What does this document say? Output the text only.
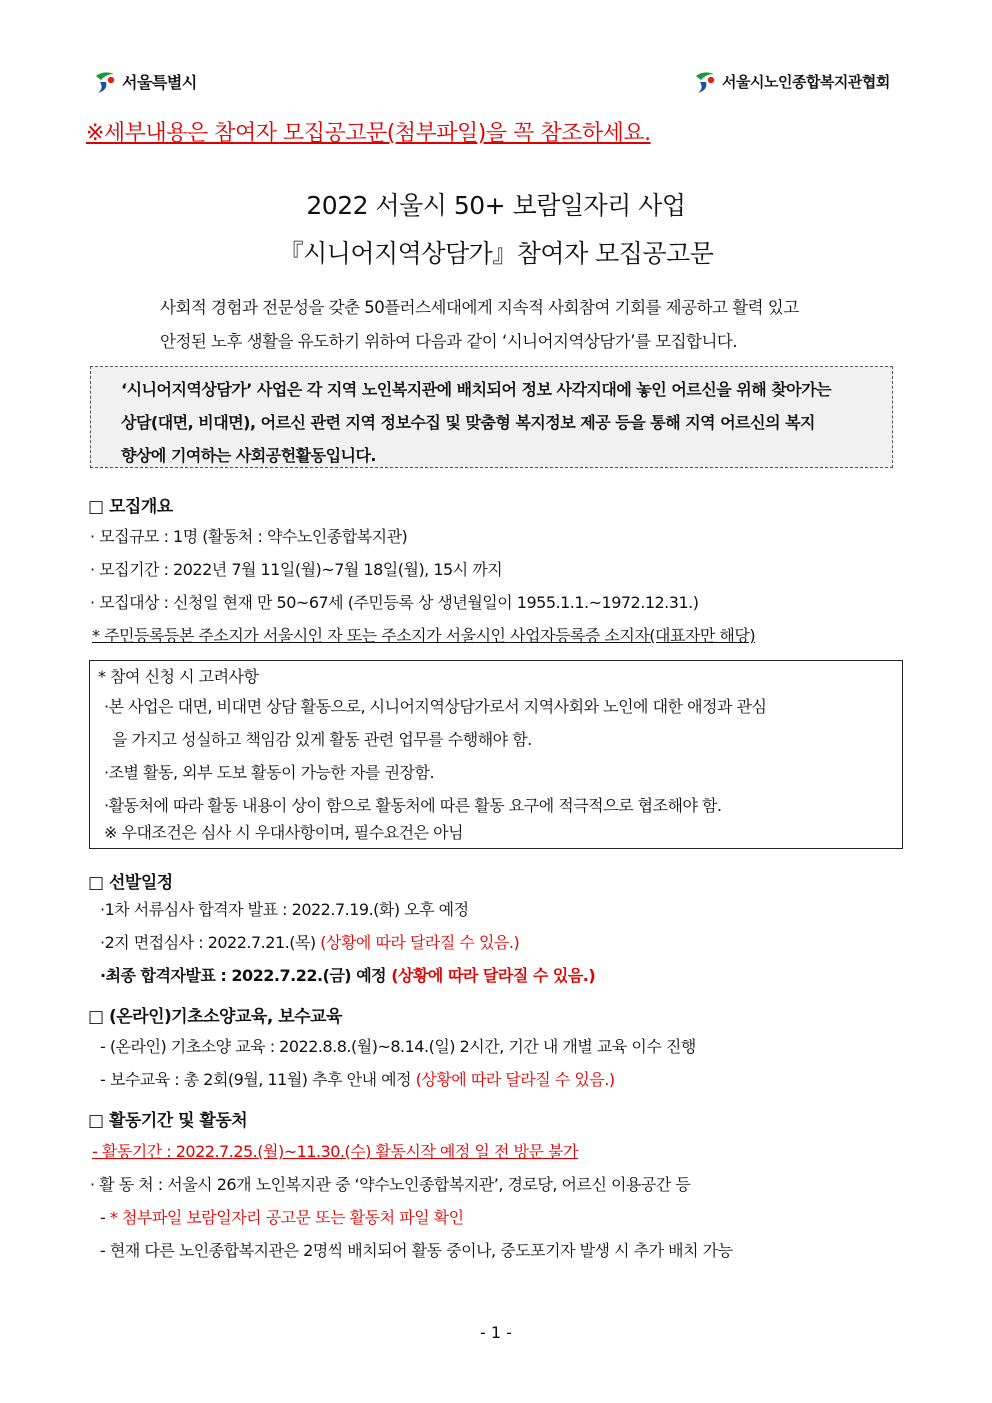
서울특별시	서울시노인종합복지관협회
※세부내용은 참여자 모집공고문(첨부파일)을 꼭 참조하세요.
2022 서울시 50+ 보람일자리 사업
『시니어지역상담가』참여자 모집공고문
사회적 경험과 전문성을 갖춘 50플러스세대에게 지속적 사회참여 기회를 제공하고 활력 있고
안정된 노후 생활을 유도하기 위하여 다음과 같이 ‘시니어지역상담가’를 모집합니다.
‘시니어지역상담가’ 사업은 각 지역 노인복지관에 배치되어 정보 사각지대에 놓인 어르신을 위해 찾아가는
상담(대면, 비대면), 어르신 관련 지역 정보수집 및 맞춤형 복지정보 제공 등을 통해 지역 어르신의 복지
향상에 기여하는 사회공헌활동입니다.
□ 모집개요
· 모집규모 : 1명 (활동처 : 약수노인종합복지관)
· 모집기간 : 2022년 7월 11일(월)~7월 18일(월), 15시 까지
· 모집대상 : 신청일 현재 만 50~67세 (주민등록 상 생년월일이 1955.1.1.~1972.12.31.)
* 주민등록등본 주소지가 서울시인 자 또는 주소지가 서울시인 사업자등록증 소지자(대표자만 해당)
* 참여 신청 시 고려사항
·본 사업은 대면, 비대면 상담 활동으로, 시니어지역상담가로서 지역사회와 노인에 대한 애정과 관심
을 가지고 성실하고 책임감 있게 활동 관련 업무를 수행해야 함.
·조별 활동, 외부 도보 활동이 가능한 자를 권장함.
·활동처에 따라 활동 내용이 상이 함으로 활동처에 따른 활동 요구에 적극적으로 협조해야 함.
※ 우대조건은 심사 시 우대사항이며, 필수요건은 아님
□ 선발일정
·1차 서류심사 합격자 발표 : 2022.7.19.(화) 오후 예정
·2지 면접심사 : 2022.7.21.(목) (상황에 따라 달라질 수 있음.)
·최종 합격자발표 : 2022.7.22.(금) 예정 (상황에 따라 달라질 수 있음.)
□ (온라인)기초소양교육, 보수교육
- (온라인) 기초소양 교육 : 2022.8.8.(월)~8.14.(일) 2시간, 기간 내 개별 교육 이수 진행
- 보수교육 : 총 2회(9월, 11월) 추후 안내 예정 (상황에 따라 달라질 수 있음.)
□ 활동기간 및 활동처
- 활동기간 : 2022.7.25.(월)~11.30.(수) 활동시작 예정 일 전 방문 불가
· 활 동 처 : 서울시 26개 노인복지관 중 ‘약수노인종합복지관’, 경로당, 어르신 이용공간 등
- * 첨부파일 보람일자리 공고문 또는 활동처 파일 확인
- 현재 다른 노인종합복지관은 2명씩 배치되어 활동 중이나, 중도포기자 발생 시 추가 배치 가능
- 1 -
